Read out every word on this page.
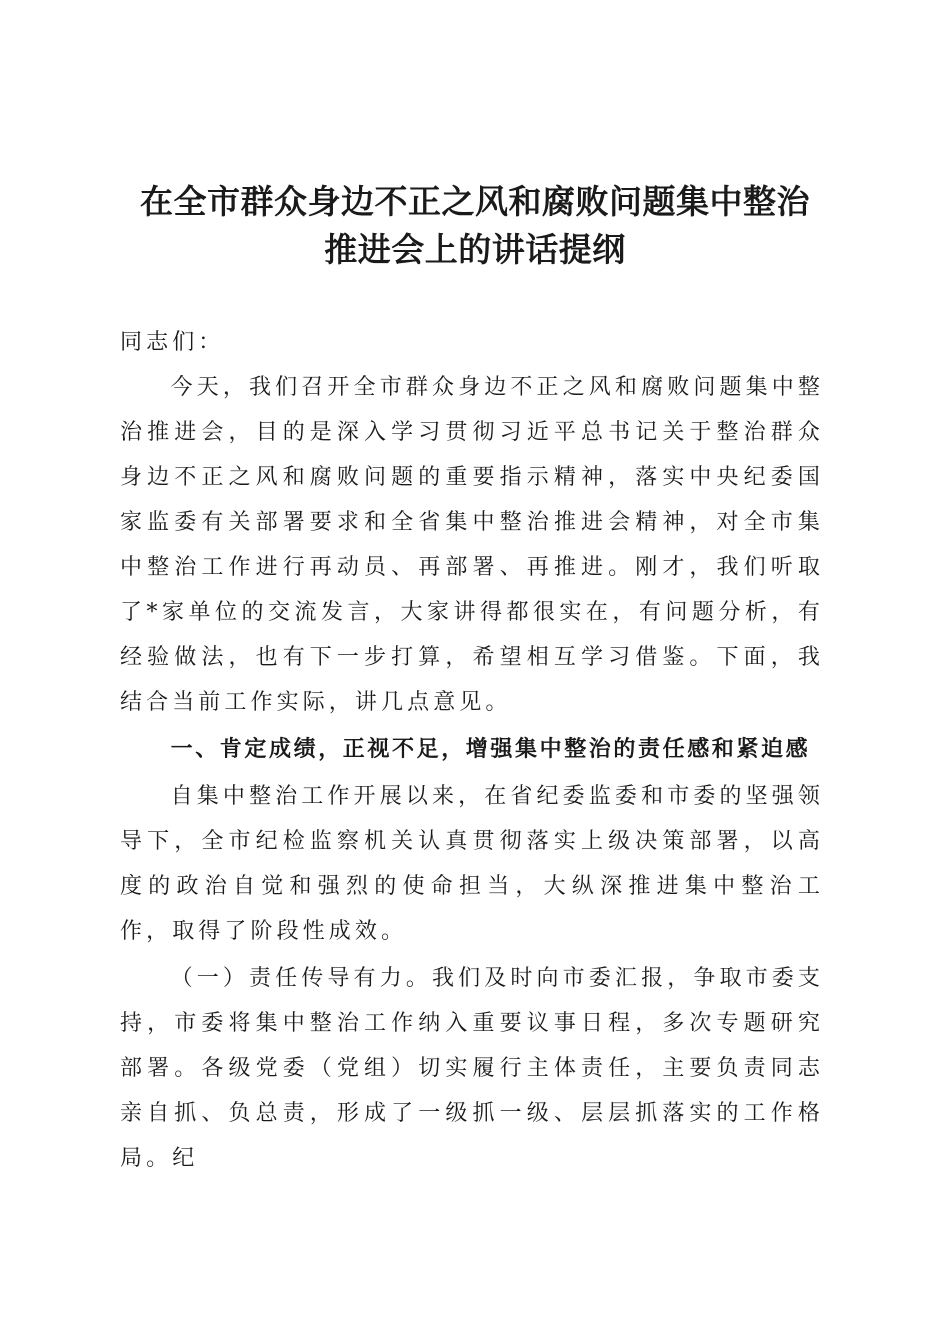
在全市群众身边不正之风和腐败问题集中整治
推进会上的讲话提纲

同志们：

今天，我们召开全市群众身边不正之风和腐败问题集中整治推进会，目的是深入学习贯彻习近平总书记关于整治群众身边不正之风和腐败问题的重要指示精神，落实中央纪委国家监委有关部署要求和全省集中整治推进会精神，对全市集中整治工作进行再动员、再部署、再推进。刚才，我们听取了*家单位的交流发言，大家讲得都很实在，有问题分析，有经验做法，也有下一步打算，希望相互学习借鉴。下面，我结合当前工作实际，讲几点意见。

一、肯定成绩，正视不足，增强集中整治的责任感和紧迫感

自集中整治工作开展以来，在省纪委监委和市委的坚强领导下，全市纪检监察机关认真贯彻落实上级决策部署，以高度的政治自觉和强烈的使命担当，大纵深推进集中整治工作，取得了阶段性成效。

（一）责任传导有力。我们及时向市委汇报，争取市委支持，市委将集中整治工作纳入重要议事日程，多次专题研究部署。各级党委（党组）切实履行主体责任，主要负责同志亲自抓、负总责，形成了一级抓一级、层层抓落实的工作格局。纪
